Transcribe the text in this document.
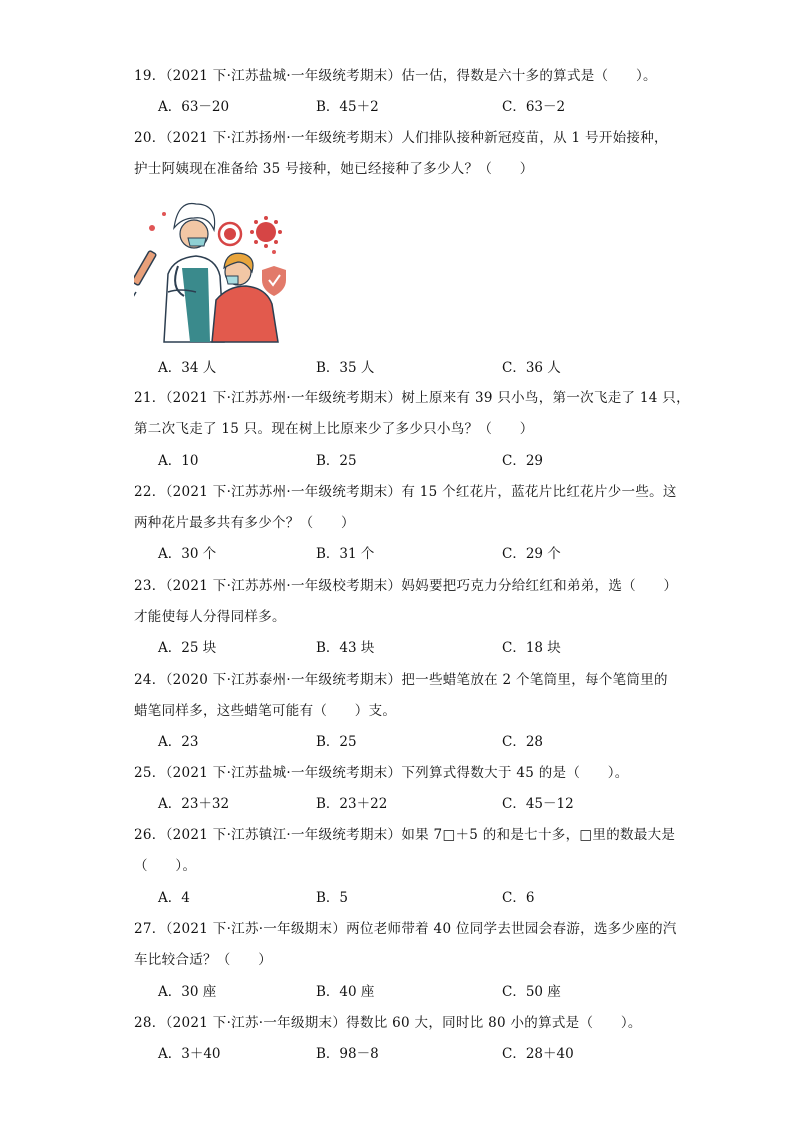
19．（2021 下·江苏盐城·一年级统考期末）估一估，得数是六十多的算式是（　　）。
A．63－20	B．45＋2	C．63－2
20．（2021 下·江苏扬州·一年级统考期末）人们排队接种新冠疫苗，从 1 号开始接种，
护士阿姨现在准备给 35 号接种，她已经接种了多少人？（　　）
A．34 人	B．35 人	C．36 人
21．（2021 下·江苏苏州·一年级统考期末）树上原来有 39 只小鸟，第一次飞走了 14 只，
第二次飞走了 15 只。现在树上比原来少了多少只小鸟？（　　）
A．10	B．25	C．29
22．（2021 下·江苏苏州·一年级统考期末）有 15 个红花片，蓝花片比红花片少一些。这
两种花片最多共有多少个？（　　）
A．30 个	B．31 个	C．29 个
23．（2021 下·江苏苏州·一年级校考期末）妈妈要把巧克力分给红红和弟弟，选（　　）
才能使每人分得同样多。
A．25 块	B．43 块	C．18 块
24．（2020 下·江苏泰州·一年级统考期末）把一些蜡笔放在 2 个笔筒里，每个笔筒里的
蜡笔同样多，这些蜡笔可能有（　　）支。
A．23	B．25	C．28
25．（2021 下·江苏盐城·一年级统考期末）下列算式得数大于 45 的是（　　）。
A．23＋32	B．23＋22	C．45－12
26．（2021 下·江苏镇江·一年级统考期末）如果 7□＋5 的和是七十多，□里的数最大是
（　　）。
A．4	B．5	C．6
27．（2021 下·江苏·一年级期末）两位老师带着 40 位同学去世园会春游，选多少座的汽
车比较合适？（　　）
A．30 座	B．40 座	C．50 座
28．（2021 下·江苏·一年级期末）得数比 60 大，同时比 80 小的算式是（　　）。
A．3＋40	B．98－8	C．28＋40
